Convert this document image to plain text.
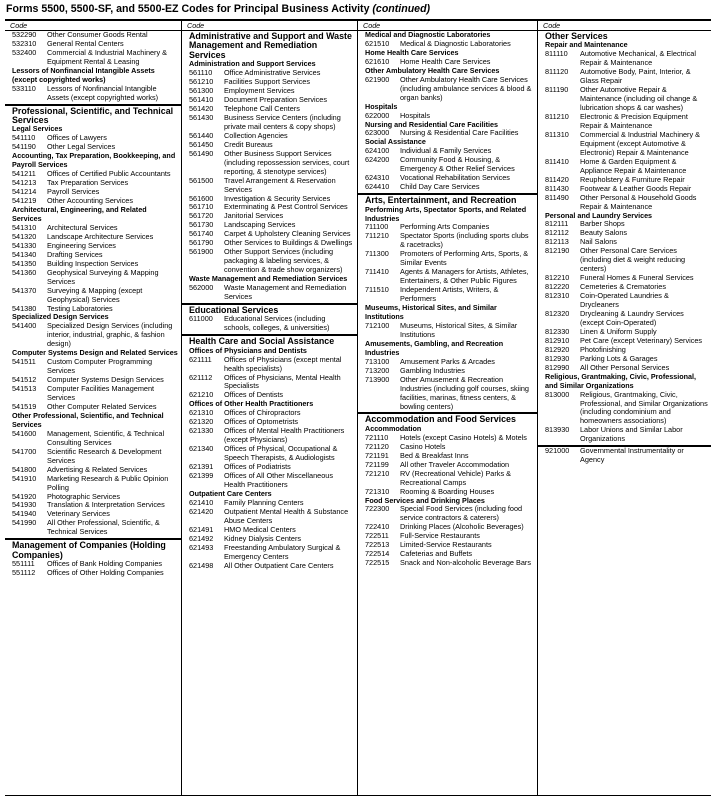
Forms 5500, 5500-SF, and 5500-EZ Codes for Principal Business Activity (continued)
Code
532290	Other Consumer Goods Rental
532310	General Rental Centers
532400	Commercial & Industrial Machinery & Equipment Rental & Leasing
Lessors of Nonfinancial Intangible Assets (except copyrighted works)
533110	Lessors of Nonfinancial Intangible Assets (except copyrighted works)
Professional, Scientific, and Technical Services
Legal Services
541110	Offices of Lawyers
541190	Other Legal Services
Accounting, Tax Preparation, Bookkeeping, and Payroll Services
541211	Offices of Certified Public Accountants
541213	Tax Preparation Services
541214	Payroll Services
541219	Other Accounting Services
Architectural, Engineering, and Related Services
541310	Architectural Services
541320	Landscape Architecture Services
541330	Engineering Services
541340	Drafting Services
541350	Building Inspection Services
541360	Geophysical Surveying & Mapping Services
541370	Surveying & Mapping (except Geophysical) Services
541380	Testing Laboratories
Specialized Design Services
541400	Specialized Design Services (including interior, industrial, graphic, & fashion design)
Computer Systems Design and Related Services
541511	Custom Computer Programming Services
541512	Computer Systems Design Services
541513	Computer Facilities Management Services
541519	Other Computer Related Services
Other Professional, Scientific, and Technical Services
541600	Management, Scientific, & Technical Consulting Services
541700	Scientific Research & Development Services
541800	Advertising & Related Services
541910	Marketing Research & Public Opinion Polling
541920	Photographic Services
541930	Translation & Interpretation Services
541940	Veterinary Services
541990	All Other Professional, Scientific, & Technical Services
Management of Companies (Holding Companies)
551111	Offices of Bank Holding Companies
551112	Offices of Other Holding Companies
Code
Administrative and Support and Waste Management and Remediation Services
Administration and Support Services
561110	Office Administrative Services
561210	Facilities Support Services
561300	Employment Services
561410	Document Preparation Services
561420	Telephone Call Centers
561430	Business Service Centers (including private mail centers & copy shops)
561440	Collection Agencies
561450	Credit Bureaus
561490	Other Business Support Services (including repossession services, court reporting, & stenotype services)
561500	Travel Arrangement & Reservation Services
561600	Investigation & Security Services
561710	Exterminating & Pest Control Services
561720	Janitorial Services
561730	Landscaping Services
561740	Carpet & Upholstery Cleaning Services
561790	Other Services to Buildings & Dwellings
561900	Other Support Services (including packaging & labeling services, & convention & trade show organizers)
Waste Management and Remediation Services
562000	Waste Management and Remediation Services
Educational Services
611000	Educational Services (including schools, colleges, & universities)
Health Care and Social Assistance
Offices of Physicians and Dentists
621111	Offices of Physicians (except mental health specialists)
621112	Offices of Physicians, Mental Health Specialists
621210	Offices of Dentists
Offices of Other Health Practitioners
621310	Offices of Chiropractors
621320	Offices of Optometrists
621330	Offices of Mental Health Practitioners (except Physicians)
621340	Offices of Physical, Occupational & Speech Therapists, & Audiologists
621391	Offices of Podiatrists
621399	Offices of All Other Miscellaneous Health Practitioners
Outpatient Care Centers
621410	Family Planning Centers
621420	Outpatient Mental Health & Substance Abuse Centers
621491	HMO Medical Centers
621492	Kidney Dialysis Centers
621493	Freestanding Ambulatory Surgical & Emergency Centers
621498	All Other Outpatient Care Centers
Code
Medical and Diagnostic Laboratories
621510	Medical & Diagnostic Laboratories
Home Health Care Services
621610	Home Health Care Services
Other Ambulatory Health Care Services
621900	Other Ambulatory Health Care Services (including ambulance services & blood & organ banks)
Hospitals
622000	Hospitals
Nursing and Residential Care Facilities
623000	Nursing & Residential Care Facilities
Social Assistance
624100	Individual & Family Services
624200	Community Food & Housing, & Emergency & Other Relief Services
624310	Vocational Rehabilitation Services
624410	Child Day Care Services
Arts, Entertainment, and Recreation
Performing Arts, Spectator Sports, and Related Industries
711100	Performing Arts Companies
711210	Spectator Sports (including sports clubs & racetracks)
711300	Promoters of Performing Arts, Sports, & Similar Events
711410	Agents & Managers for Artists, Athletes, Entertainers, & Other Public Figures
711510	Independent Artists, Writers, & Performers
Museums, Historical Sites, and Similar Institutions
712100	Museums, Historical Sites, & Similar Institutions
Amusements, Gambling, and Recreation Industries
713100	Amusement Parks & Arcades
713200	Gambling Industries
713900	Other Amusement & Recreation Industries (including golf courses, skiing facilities, marinas, fitness centers, & bowling centers)
Accommodation and Food Services
Accommodation
721110	Hotels (except Casino Hotels) & Motels
721120	Casino Hotels
721191	Bed & Breakfast Inns
721199	All other Traveler Accommodation
721210	RV (Recreational Vehicle) Parks & Recreational Camps
721310	Rooming & Boarding Houses
Food Services and Drinking Places
722300	Special Food Services (including food service contractors & caterers)
722410	Drinking Places (Alcoholic Beverages)
722511	Full-Service Restaurants
722513	Limited-Service Restaurants
722514	Cafeterias and Buffets
722515	Snack and Non-alcoholic Beverage Bars
Code
Other Services
Repair and Maintenance
811110	Automotive Mechanical, & Electrical Repair & Maintenance
811120	Automotive Body, Paint, Interior, & Glass Repair
811190	Other Automotive Repair & Maintenance (including oil change & lubrication shops & car washes)
811210	Electronic & Precision Equipment Repair & Maintenance
811310	Commercial & Industrial Machinery & Equipment (except Automotive & Electronic) Repair & Maintenance
811410	Home & Garden Equipment & Appliance Repair & Maintenance
811420	Reupholstery & Furniture Repair
811430	Footwear & Leather Goods Repair
811490	Other Personal & Household Goods Repair & Maintenance
Personal and Laundry Services
812111	Barber Shops
812112	Beauty Salons
812113	Nail Salons
812190	Other Personal Care Services (including diet & weight reducing centers)
812210	Funeral Homes & Funeral Services
812220	Cemeteries & Crematories
812310	Coin-Operated Laundries & Drycleaners
812320	Drycleaning & Laundry Services (except Coin-Operated)
812330	Linen & Uniform Supply
812910	Pet Care (except Veterinary) Services
812920	Photofinishing
812930	Parking Lots & Garages
812990	All Other Personal Services
Religious, Grantmaking, Civic, Professional, and Similar Organizations
813000	Religious, Grantmaking, Civic, Professional, and Similar Organizations (including condominium and homeowners associations)
813930	Labor Unions and Similar Labor Organizations
921000	Governmental Instrumentality or Agency
